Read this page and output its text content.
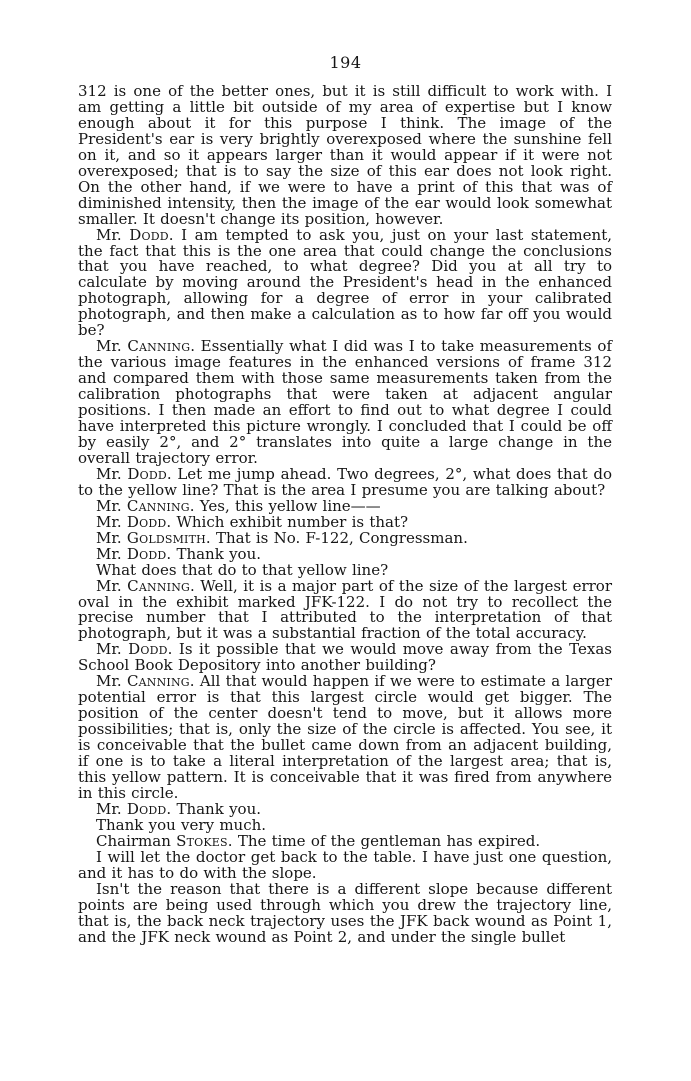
194

312 is one of the better ones, but it is still difficult to work with. I am getting a little bit outside of my area of expertise but I know enough about it for this purpose I think. The image of the President's ear is very brightly overexposed where the sunshine fell on it, and so it appears larger than it would appear if it were not overexposed; that is to say the size of this ear does not look right. On the other hand, if we were to have a print of this that was of diminished intensity, then the image of the ear would look somewhat smaller. It doesn't change its position, however.

Mr. Dodd. I am tempted to ask you, just on your last statement, the fact that this is the one area that could change the conclusions that you have reached, to what degree? Did you at all try to calculate by moving around the President's head in the enhanced photograph, allowing for a degree of error in your calibrated photograph, and then make a calculation as to how far off you would be?

Mr. Canning. Essentially what I did was I to take measurements of the various image features in the enhanced versions of frame 312 and compared them with those same measurements taken from the calibration photographs that were taken at adjacent angular positions. I then made an effort to find out to what degree I could have interpreted this picture wrongly. I concluded that I could be off by easily 2°, and 2° translates into quite a large change in the overall trajectory error.

Mr. Dodd. Let me jump ahead. Two degrees, 2°, what does that do to the yellow line? That is the area I presume you are talking about?

Mr. Canning. Yes, this yellow line——

Mr. Dodd. Which exhibit number is that?

Mr. Goldsmith. That is No. F-122, Congressman.

Mr. Dodd. Thank you.

What does that do to that yellow line?

Mr. Canning. Well, it is a major part of the size of the largest error oval in the exhibit marked JFK-122. I do not try to recollect the precise number that I attributed to the interpretation of that photograph, but it was a substantial fraction of the total accuracy.

Mr. Dodd. Is it possible that we would move away from the Texas School Book Depository into another building?

Mr. Canning. All that would happen if we were to estimate a larger potential error is that this largest circle would get bigger. The position of the center doesn't tend to move, but it allows more possibilities; that is, only the size of the circle is affected. You see, it is conceivable that the bullet came down from an adjacent building, if one is to take a literal interpretation of the largest area; that is, this yellow pattern. It is conceivable that it was fired from anywhere in this circle.

Mr. Dodd. Thank you.

Thank you very much.

Chairman Stokes. The time of the gentleman has expired.

I will let the doctor get back to the table. I have just one question, and it has to do with the slope.

Isn't the reason that there is a different slope because different points are being used through which you drew the trajectory line, that is, the back neck trajectory uses the JFK back wound as Point 1, and the JFK neck wound as Point 2, and under the single bullet
